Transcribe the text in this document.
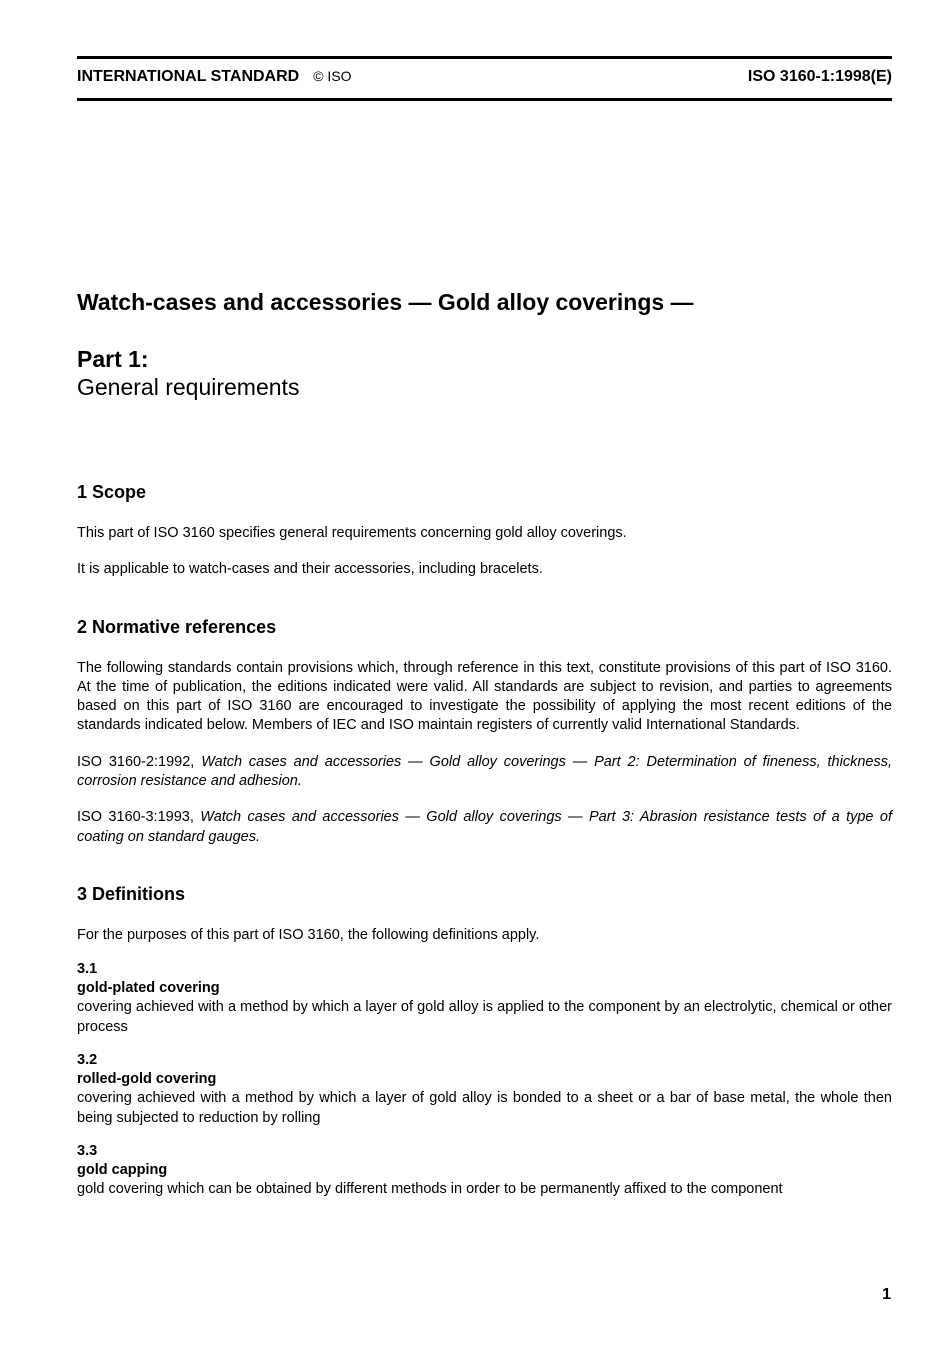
INTERNATIONAL STANDARD © ISO	ISO 3160-1:1998(E)
Watch-cases and accessories — Gold alloy coverings —

Part 1:

General requirements

1 Scope

This part of ISO 3160 specifies general requirements concerning gold alloy coverings.

It is applicable to watch-cases and their accessories, including bracelets.

2 Normative references

The following standards contain provisions which, through reference in this text, constitute provisions of this part of ISO 3160. At the time of publication, the editions indicated were valid. All standards are subject to revision, and parties to agreements based on this part of ISO 3160 are encouraged to investigate the possibility of applying the most recent editions of the standards indicated below. Members of IEC and ISO maintain registers of currently valid International Standards.

ISO 3160-2:1992, Watch cases and accessories — Gold alloy coverings — Part 2: Determination of fineness, thickness, corrosion resistance and adhesion.

ISO 3160-3:1993, Watch cases and accessories — Gold alloy coverings — Part 3: Abrasion resistance tests of a type of coating on standard gauges.

3 Definitions

For the purposes of this part of ISO 3160, the following definitions apply.

3.1

gold-plated covering

covering achieved with a method by which a layer of gold alloy is applied to the component by an electrolytic, chemical or other process

3.2

rolled-gold covering

covering achieved with a method by which a layer of gold alloy is bonded to a sheet or a bar of base metal, the whole then being subjected to reduction by rolling

3.3

gold capping

gold covering which can be obtained by different methods in order to be permanently affixed to the component

1
